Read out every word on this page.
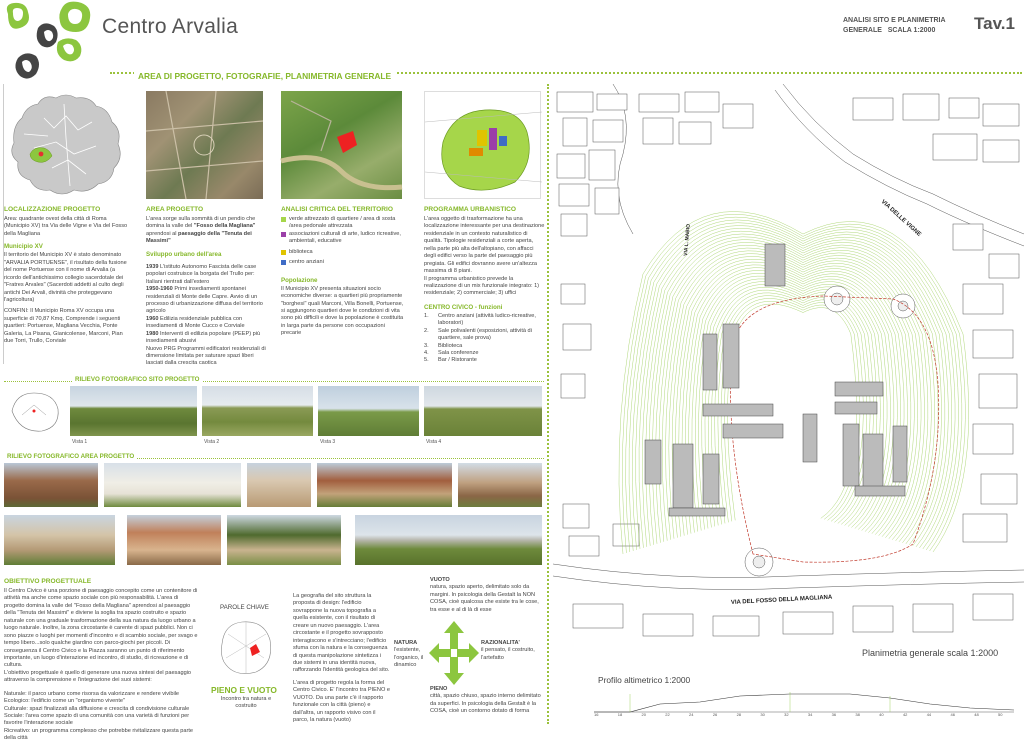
Centro Arvalia	ANALISI SITO E PLANIMETRIA
GENERALE SCALA 1:2000	Tav.1
AREA DI PROGETTO, FOTOGRAFIE, PLANIMETRIA GENERALE
LOCALIZZAZIONE PROGETTO
Area: quadrante ovest della città di Roma (Municipio XV) tra Via delle Vigne e Via del Fosso della Magliana
Municipio XV
Il territorio del Municipio XV è stato denominato "ARVALIA PORTUENSE", il risultato della fusione del nome Portuense con il nome di Arvalia (a ricordo dell'antichissimo collegio sacerdotale dei "Fratres Arvales" (Sacerdoti addetti al culto degli antichi Dei Arvali, divinità che proteggevano l'agricoltura)
CONFINI: Il Municipio Roma XV occupa una superficie di 70,87 Kmq. Comprende i seguenti quartieri: Portuense, Magliana Vecchia, Ponte Galeria, La Pisana, Gianicolense, Marconi, Pian due Torri, Trullo, Corviale
AREA PROGETTO
L'area sorge sulla sommità di un pendio che domina la valle del "Fosso della Magliana" aprendosi al paesaggio della "Tenuta dei Massimi"
Sviluppo urbano dell'area
1939 L'istituto Autonomo Fascista delle case popolari costruisce la borgata del Trullo per: Italiani rientrati dall'estero
1950-1960 Primi insediamenti spontanei residenziali di Monte delle Capre. Avvio di un processo di urbanizzazione diffusa del territorio agricolo
1960 Edilizia residenziale pubblica con insediamenti di Monte Cucco e Corviale
1980 Interventi di edilizia popolare (PEEP) più insediamenti abusivi
Nuovo PRG Programmi edificatori residenziali di dimensione limitata per saturare spazi liberi lasciati dalla crescita caotica
ANALISI CRITICA DEL TERRITORIO
verde attrezzato di quartiere / area di sosta /area pedonale attrezzata
associazioni culturali di arte, ludico ricreative, ambientali, educative
biblioteca
centro anziani
Popolazione
Il Municipio XV presenta situazioni socio economiche diverse: a quartieri più propriamente "borghesi" quali Marconi, Villa Bonelli, Portuense, si aggiungono quartieri dove le condizioni di vita sono più difficili e dove la popolazione è costituita in larga parte da persone con occupazioni precarie
PROGRAMMA URBANISTICO
L'area oggetto di trasformazione ha una localizzazione interessante per una destinazione residenziale in un contesto naturalistico di qualità. Tipologie residenziali a corte aperta, nella parte più alta dell'altopiano, con affacci degli edifici verso la parte del paesaggio più pregiata. Gli edifici dovranno avere un'altezza massima di 8 piani.
Il programma urbanistico prevede la realizzazione di un mix funzionale integrato: 1) residenziale; 2) commerciale; 3) uffici
CENTRO CIVICO - funzioni
1.	Centro anziani (attività ludico-ricreative, laboratori)
2.	Sale polivalenti (esposizioni, attività di quartiere, sale prova)
3.	Biblioteca
4.	Sala conferenze
5.	Bar / Ristorante
RILIEVO FOTOGRAFICO SITO PROGETTO
Vista 1	Vista 2	Vista 3	Vista 4
RILIEVO FOTOGRAFICO AREA PROGETTO
OBIETTIVO PROGETTUALE
Il Centro Civico è una porzione di paesaggio concepito come un contenitore di attività ma anche come spazio sociale con più responsabilità. L'area di progetto domina la valle del "Fosso della Magliana" aprendosi al paesaggio della "Tenuta dei Massimi" e diviene la soglia tra spazio costruito e spazio naturale con una graduale trasformazione della sua natura da luogo urbano a luogo naturale. Inoltre, la zona circostante è carente di spazi pubblici. Non ci sono piazze o luoghi per momenti d'incontro e di scambio sociale, per svago e tempo libero...solo qualche giardino con parco-giochi per piccoli. Di conseguenza il Centro Civico e la Piazza saranno un punto di riferimento importante, un luogo d'interazione ed incontro, di studio, di ricreazione e di cultura.
L'obiettivo progettuale è quello di generare una nuova sintesi del paesaggio attraverso la comprensione e l'integrazione dei suoi sistemi:
Naturale: il parco urbano come risorsa da valorizzare e rendere vivibile
Ecologico: l'edificio come un "organismo vivente"
Culturale: spazi finalizzati alla diffusione e crescita di condivisione culturale
Sociale: l'area come spazio di una comunità con una varietà di funzioni per favorire l'interazione sociale
Ricreativo: un programma complesso che potrebbe rivitalizzare questa parte della città
PAROLE CHIAVE
PIENO E VUOTO
Incontro tra natura e
costruito
La geografia del sito struttura la proposta di design: l'edificio sovrappone la nuova topografia a quella esistente, con il risultato di creare un nuovo paesaggio. L'area circostante e il progetto sovrapposto interagiscono e s'intrecciano; l'edificio sfuma con la natura e la conseguenza di questa manipolazione sintetizza i due sistemi in una identità nuova, rafforzando l'identità geologica del sito.
L'area di progetto regola la forma del Centro Civico. E' l'incontro tra PIENO e VUOTO. Da una parte c'è il rapporto funzionale con la città (pieno) e dall'altra, un rapporto visivo con il parco, la natura (vuoto)
VUOTO
natura, spazio aperto, delimitato solo da margini. In psicologia della Gestalt la NON COSA, cioè qualcosa che esiste tra le cose, tra esse e al di là di esse
NATURA
l'esistente, l'organico, il dinamico
RAZIONALITA'
il pensato, il costruito, l'artefatto
PIENO
città, spazio chiuso, spazio interno delimitato da superfici. In psicologia della Gestalt è la COSA, cioè un contorno dotato di forma
VIA DELLE VIGNE
VIA DEL FOSSO DELLA MAGLIANA
VIA L. MABIO
Planimetria generale scala 1:2000
Profilo altimetrico 1:2000
16	18	20	22	24	26	28	30	32	34	36	38	40	42	44	46	48	50
